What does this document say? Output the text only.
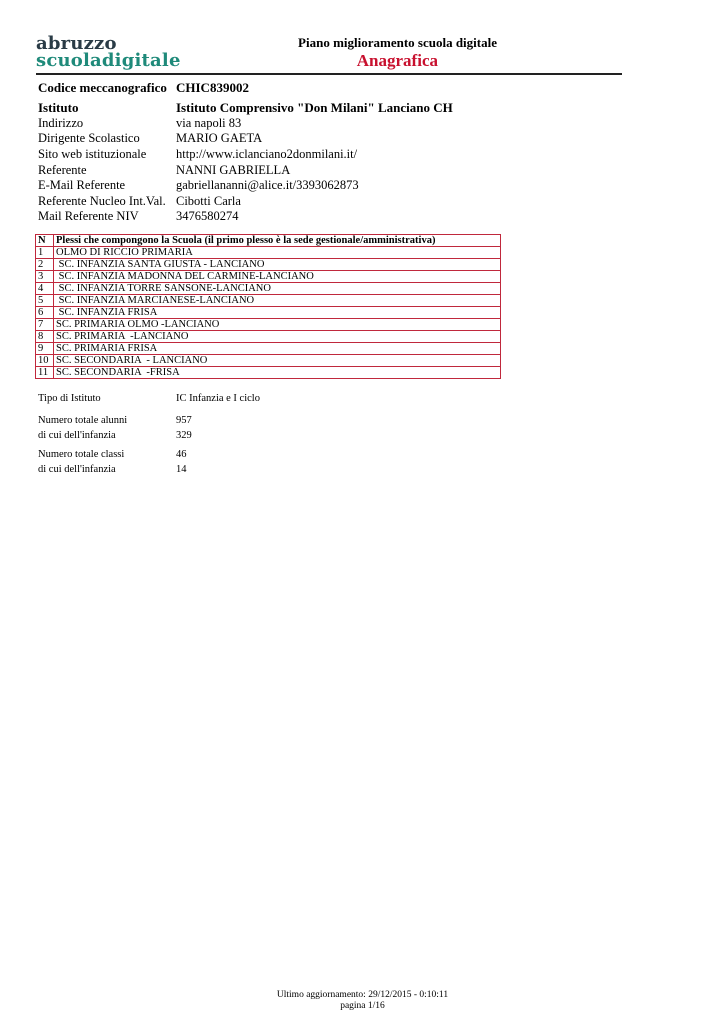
abruzzo
scuoladigitale
Piano miglioramento scuola digitale
Anagrafica
Codice meccanografico CHIC839002
Istituto	Istituto Comprensivo "Don Milani" Lanciano CH
Indirizzo	via napoli 83
Dirigente Scolastico	MARIO GAETA
Sito web istituzionale http://www.iclanciano2donmilani.it/
Referente	NANNI GABRIELLA
E-Mail Referente	gabriellananni@alice.it/3393062873
Referente Nucleo Int.Val. Cibotti Carla
Mail Referente NIV	3476580274
N	Plessi che compongono la Scuola (il primo plesso è la sede gestionale/amministrativa)
1	OLMO DI RICCIO PRIMARIA
2	SC. INFANZIA SANTA GIUSTA - LANCIANO
3	SC. INFANZIA MADONNA DEL CARMINE-LANCIANO
4	SC. INFANZIA TORRE SANSONE-LANCIANO
5	SC. INFANZIA MARCIANESE-LANCIANO
6	SC. INFANZIA FRISA
7	SC. PRIMARIA OLMO -LANCIANO
8	SC. PRIMARIA  -LANCIANO
9	SC. PRIMARIA FRISA
10	SC. SECONDARIA  - LANCIANO
11	SC. SECONDARIA  -FRISA
Tipo di Istituto	IC Infanzia e I ciclo
Numero totale alunni	957
di cui dell'infanzia	329
Numero totale classi	46
di cui dell'infanzia	14
Ultimo aggiornamento: 29/12/2015 - 0:10:11
pagina 1/16
